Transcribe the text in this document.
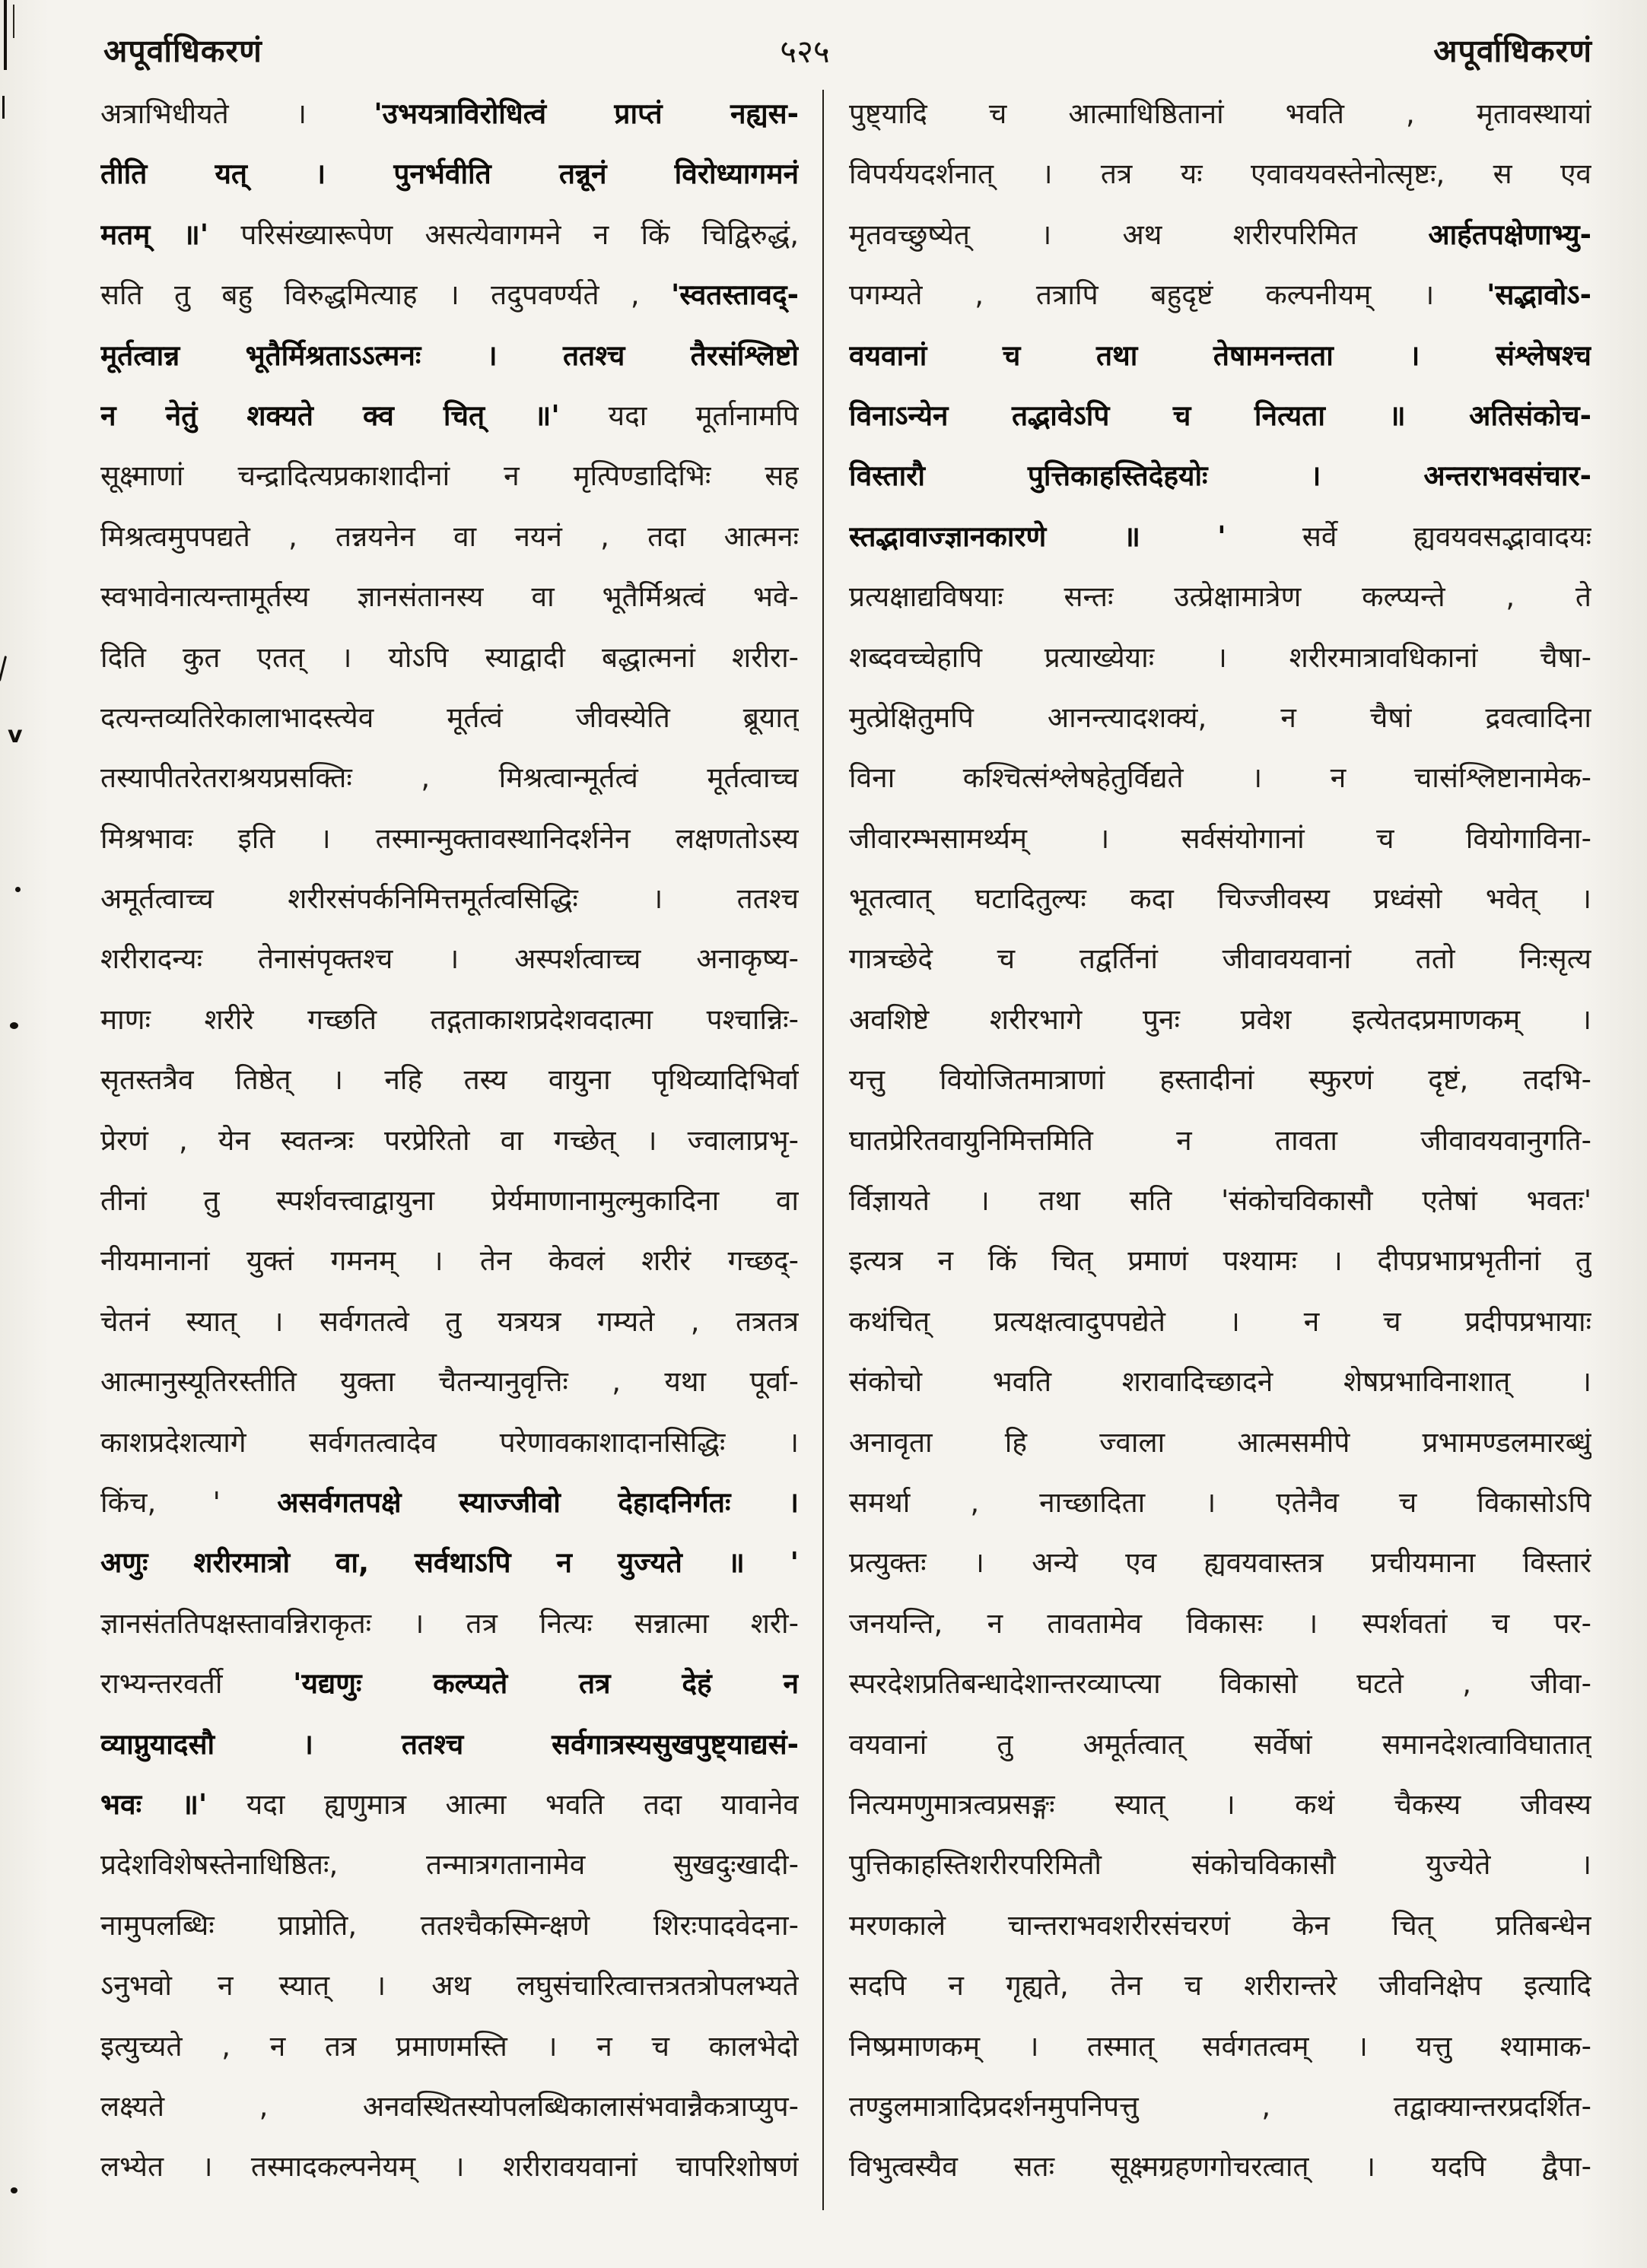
v
अपूर्वाधिकरणं	५२५	अपूर्वाधिकरणं
अत्राभिधीयते । 'उभयत्राविरोधित्वं प्राप्तं नह्यस-
तीति यत् । पुनर्भवीति तन्नूनं विरोध्यागमनं
मतम् ॥' परिसंख्यारूपेण असत्येवागमने न किं चिद्विरुद्धं,
सति तु बहु विरुद्धमित्याह । तदुपवर्ण्यते , 'स्वतस्तावद्-
मूर्तत्वान्न भूतैर्मिश्रताऽऽत्मनः । ततश्च तैरसंश्लिष्टो
न नेतुं शक्यते क्व चित् ॥' यदा मूर्तानामपि
सूक्ष्माणां चन्द्रादित्यप्रकाशादीनां न मृत्पिण्डादिभिः सह
मिश्रत्वमुपपद्यते , तन्नयनेन वा नयनं , तदा आत्मनः
स्वभावेनात्यन्तामूर्तस्य ज्ञानसंतानस्य वा भूतैर्मिश्रत्वं भवे-
दिति कुत एतत् । योऽपि स्याद्वादी बद्धात्मनां शरीरा-
दत्यन्तव्यतिरेकालाभादस्त्येव मूर्तत्वं जीवस्येति ब्रूयात्
तस्यापीतरेतराश्रयप्रसक्तिः , मिश्रत्वान्मूर्तत्वं मूर्तत्वाच्च
मिश्रभावः इति । तस्मान्मुक्तावस्थानिदर्शनेन लक्षणतोऽस्य
अमूर्तत्वाच्च शरीरसंपर्कनिमित्तमूर्तत्वसिद्धिः । ततश्च
शरीरादन्यः तेनासंपृक्तश्च । अस्पर्शत्वाच्च अनाकृष्य-
माणः शरीरे गच्छति तद्गताकाशप्रदेशवदात्मा पश्चान्निः-
सृतस्तत्रैव तिष्ठेत् । नहि तस्य वायुना पृथिव्यादिभिर्वा
प्रेरणं , येन स्वतन्त्रः परप्रेरितो वा गच्छेत् । ज्वालाप्रभृ-
तीनां तु स्पर्शवत्त्वाद्वायुना प्रेर्यमाणानामुल्मुकादिना वा
नीयमानानां युक्तं गमनम् । तेन केवलं शरीरं गच्छद्-
चेतनं स्यात् । सर्वगतत्वे तु यत्रयत्र गम्यते , तत्रतत्र
आत्मानुस्यूतिरस्तीति युक्ता चैतन्यानुवृत्तिः , यथा पूर्वा-
काशप्रदेशत्यागे सर्वगतत्वादेव परेणावकाशादानसिद्धिः ।
किंच, ' असर्वगतपक्षे स्याज्जीवो देहादनिर्गतः ।
अणुः शरीरमात्रो वा, सर्वथाऽपि न युज्यते ॥ '
ज्ञानसंततिपक्षस्तावन्निराकृतः । तत्र नित्यः सन्नात्मा शरी-
राभ्यन्तरवर्ती 'यद्यणुः कल्प्यते तत्र देहं न
व्याप्नुयादसौ । ततश्च सर्वगात्रस्यसुखपुष्ट्याद्यसं-
भवः ॥' यदा ह्यणुमात्र आत्मा भवति तदा यावानेव
प्रदेशविशेषस्तेनाधिष्ठितः, तन्मात्रगतानामेव सुखदुःखादी-
नामुपलब्धिः प्राप्नोति, ततश्चैकस्मिन्क्षणे शिरःपादवेदना-
ऽनुभवो न स्यात् । अथ लघुसंचारित्वात्तत्रतत्रोपलभ्यते
इत्युच्यते , न तत्र प्रमाणमस्ति । न च कालभेदो
लक्ष्यते , अनवस्थितस्योपलब्धिकालासंभवान्नैकत्राप्युप-
लभ्येत । तस्मादकल्पनेयम् । शरीरावयवानां चापरिशोषणं
पुष्ट्यादि च आत्माधिष्ठितानां भवति , मृतावस्थायां
विपर्ययदर्शनात् । तत्र यः एवावयवस्तेनोत्सृष्टः, स एव
मृतवच्छुष्येत् । अथ शरीरपरिमित आर्हतपक्षेणाभ्यु-
पगम्यते , तत्रापि बहुदृष्टं कल्पनीयम् । 'सद्भावोऽ-
वयवानां च तथा तेषामनन्तता । संश्लेषश्च
विनाऽन्येन तद्भावेऽपि च नित्यता ॥ अतिसंकोच-
विस्तारौ पुत्तिकाहस्तिदेहयोः । अन्तराभवसंचार-
स्तद्भावाज्ज्ञानकारणे ॥ ' सर्वे ह्यवयवसद्भावादयः
प्रत्यक्षाद्यविषयाः सन्तः उत्प्रेक्षामात्रेण कल्प्यन्ते , ते
शब्दवच्चेहापि प्रत्याख्येयाः । शरीरमात्रावधिकानां चैषा-
मुत्प्रेक्षितुमपि आनन्त्यादशक्यं, न चैषां द्रवत्वादिना
विना कश्चित्संश्लेषहेतुर्विद्यते । न चासंश्लिष्टानामेक-
जीवारम्भसामर्थ्यम् । सर्वसंयोगानां च वियोगाविना-
भूतत्वात् घटादितुल्यः कदा चिज्जीवस्य प्रध्वंसो भवेत् ।
गात्रच्छेदे च तद्वर्तिनां जीवावयवानां ततो निःसृत्य
अवशिष्टे शरीरभागे पुनः प्रवेश इत्येतदप्रमाणकम् ।
यत्तु वियोजितमात्राणां हस्तादीनां स्फुरणं दृष्टं, तदभि-
घातप्रेरितवायुनिमित्तमिति न तावता जीवावयवानुगति-
र्विज्ञायते । तथा सति 'संकोचविकासौ एतेषां भवतः'
इत्यत्र न किं चित् प्रमाणं पश्यामः । दीपप्रभाप्रभृतीनां तु
कथंचित् प्रत्यक्षत्वादुपपद्येते । न च प्रदीपप्रभायाः
संकोचो भवति शरावादिच्छादने शेषप्रभाविनाशात् ।
अनावृता हि ज्वाला आत्मसमीपे प्रभामण्डलमारब्धुं
समर्था , नाच्छादिता । एतेनैव च विकासोऽपि
प्रत्युक्तः । अन्ये एव ह्यवयवास्तत्र प्रचीयमाना विस्तारं
जनयन्ति, न तावतामेव विकासः । स्पर्शवतां च पर-
स्परदेशप्रतिबन्धादेशान्तरव्याप्त्या विकासो घटते , जीवा-
वयवानां तु अमूर्तत्वात् सर्वेषां समानदेशत्वाविघातात्
नित्यमणुमात्रत्वप्रसङ्गः स्यात् । कथं चैकस्य जीवस्य
पुत्तिकाहस्तिशरीरपरिमितौ संकोचविकासौ युज्येते ।
मरणकाले चान्तराभवशरीरसंचरणं केन चित् प्रतिबन्धेन
सदपि न गृह्यते, तेन च शरीरान्तरे जीवनिक्षेप इत्यादि
निष्प्रमाणकम् । तस्मात् सर्वगतत्वम् । यत्तु श्यामाक-
तण्डुलमात्रादिप्रदर्शनमुपनिपत्तु , तद्वाक्यान्तरप्रदर्शित-
विभुत्वस्यैव सतः सूक्ष्मग्रहणगोचरत्वात् । यदपि द्वैपा-
